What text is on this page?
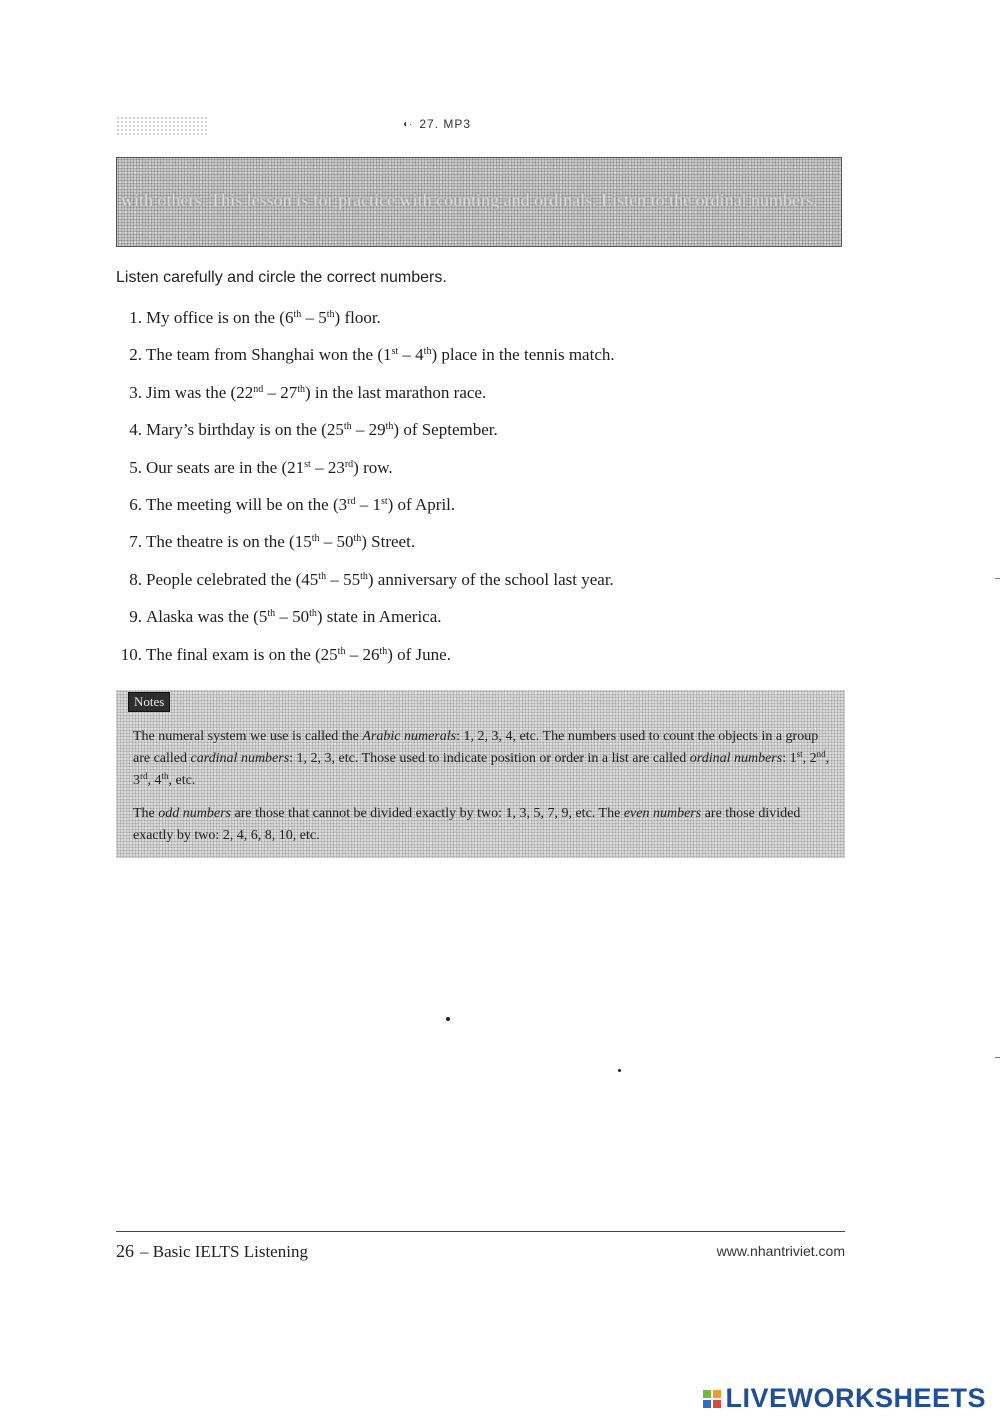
◖· 27. MP3
with others. This lesson is for practice with counting and ordinals. Listen to the ordinal numbers.
Listen carefully and circle the correct numbers.
1. My office is on the (6th – 5th) floor.
2. The team from Shanghai won the (1st – 4th) place in the tennis match.
3. Jim was the (22nd – 27th) in the last marathon race.
4. Mary’s birthday is on the (25th – 29th) of September.
5. Our seats are in the (21st – 23rd) row.
6. The meeting will be on the (3rd – 1st) of April.
7. The theatre is on the (15th – 50th) Street.
8. People celebrated the (45th – 55th) anniversary of the school last year.
9. Alaska was the (5th – 50th) state in America.
10. The final exam is on the (25th – 26th) of June.
Notes
The numeral system we use is called the Arabic numerals: 1, 2, 3, 4, etc. The numbers used to count the objects in a group are called cardinal numbers: 1, 2, 3, etc. Those used to indicate position or order in a list are called ordinal numbers: 1st, 2nd, 3rd, 4th, etc.
The odd numbers are those that cannot be divided exactly by two: 1, 3, 5, 7, 9, etc. The even numbers are those divided exactly by two: 2, 4, 6, 8, 10, etc.
26 – Basic IELTS Listening	www.nhantriviet.com
LIVEWORKSHEETS
